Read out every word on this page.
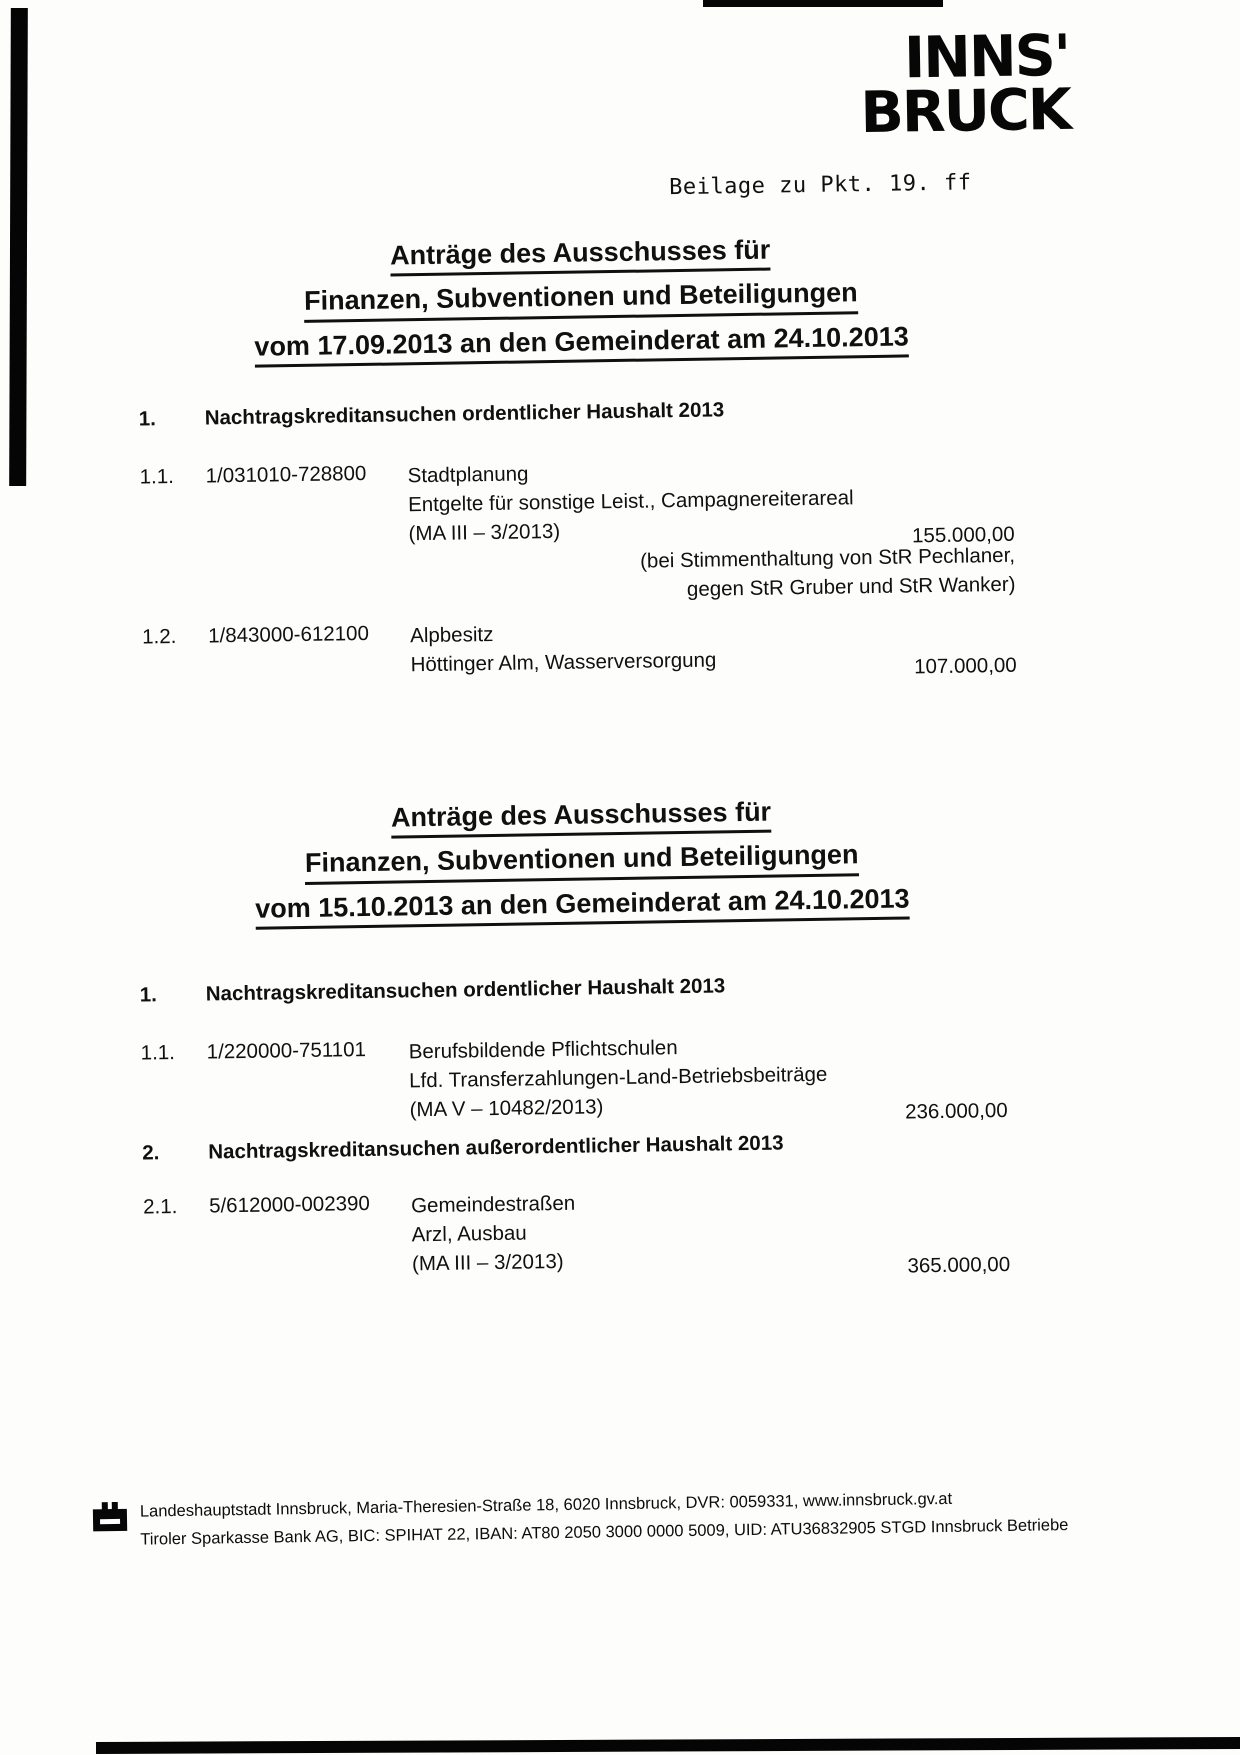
INNS'
BRUCK
Beilage zu Pkt. 19. ff
Anträge des Ausschusses für
Finanzen, Subventionen und Beteiligungen
vom 17.09.2013 an den Gemeinderat am 24.10.2013
1.	Nachtragskreditansuchen ordentlicher Haushalt 2013
1.1.	1/031010-728800	Stadtplanung
Entgelte für sonstige Leist., Campagnereiterareal
(MA III – 3/2013)	155.000,00
(bei Stimmenthaltung von StR Pechlaner,
gegen StR Gruber und StR Wanker)
1.2.	1/843000-612100	Alpbesitz
Höttinger Alm, Wasserversorgung	107.000,00
Anträge des Ausschusses für
Finanzen, Subventionen und Beteiligungen
vom 15.10.2013 an den Gemeinderat am 24.10.2013
1.	Nachtragskreditansuchen ordentlicher Haushalt 2013
1.1.	1/220000-751101	Berufsbildende Pflichtschulen
Lfd. Transferzahlungen-Land-Betriebsbeiträge
(MA V – 10482/2013)	236.000,00
2.	Nachtragskreditansuchen außerordentlicher Haushalt 2013
2.1.	5/612000-002390	Gemeindestraßen
Arzl, Ausbau
(MA III – 3/2013)	365.000,00
Landeshauptstadt Innsbruck, Maria-Theresien-Straße 18, 6020 Innsbruck, DVR: 0059331, www.innsbruck.gv.at
Tiroler Sparkasse Bank AG, BIC: SPIHAT 22, IBAN: AT80 2050 3000 0000 5009, UID: ATU36832905 STGD Innsbruck Betriebe
